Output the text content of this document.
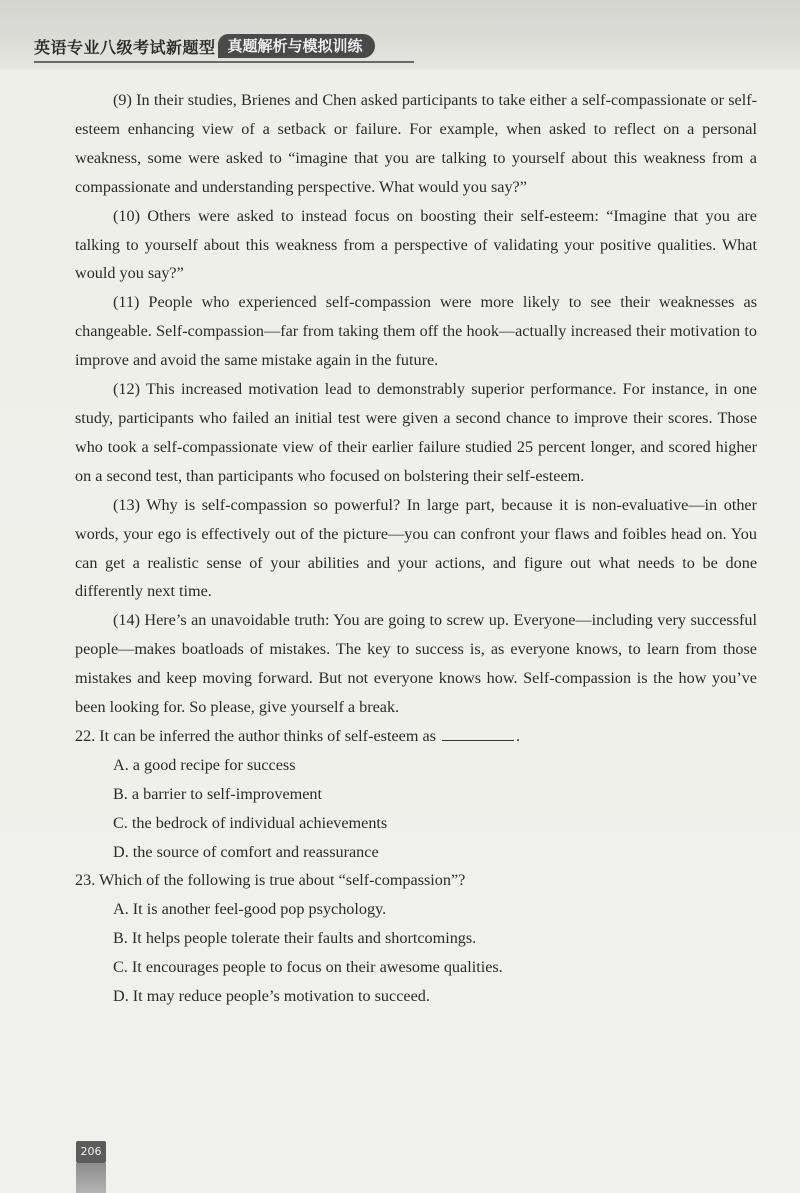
英语专业八级考试新题型 真题解析与模拟训练

(9) In their studies, Brienes and Chen asked participants to take either a self-compassionate or self-esteem enhancing view of a setback or failure. For example, when asked to reflect on a personal weakness, some were asked to “imagine that you are talking to yourself about this weakness from a compassionate and understanding perspective. What would you say?”

(10) Others were asked to instead focus on boosting their self-esteem: “Imagine that you are talking to yourself about this weakness from a perspective of validating your positive qualities. What would you say?”

(11) People who experienced self-compassion were more likely to see their weaknesses as changeable. Self-compassion—far from taking them off the hook—actually increased their motivation to improve and avoid the same mistake again in the future.

(12) This increased motivation lead to demonstrably superior performance. For instance, in one study, participants who failed an initial test were given a second chance to improve their scores. Those who took a self-compassionate view of their earlier failure studied 25 percent longer, and scored higher on a second test, than participants who focused on bolstering their self-esteem.

(13) Why is self-compassion so powerful? In large part, because it is non-evaluative—in other words, your ego is effectively out of the picture—you can confront your flaws and foibles head on. You can get a realistic sense of your abilities and your actions, and figure out what needs to be done differently next time.

(14) Here’s an unavoidable truth: You are going to screw up. Everyone—including very successful people—makes boatloads of mistakes. The key to success is, as everyone knows, to learn from those mistakes and keep moving forward. But not everyone knows how. Self-compassion is the how you’ve been looking for. So please, give yourself a break.

22. It can be inferred the author thinks of self-esteem as	.

A. a good recipe for success

B. a barrier to self-improvement

C. the bedrock of individual achievements

D. the source of comfort and reassurance

23. Which of the following is true about “self-compassion”?

A. It is another feel-good pop psychology.

B. It helps people tolerate their faults and shortcomings.

C. It encourages people to focus on their awesome qualities.

D. It may reduce people’s motivation to succeed.

206
